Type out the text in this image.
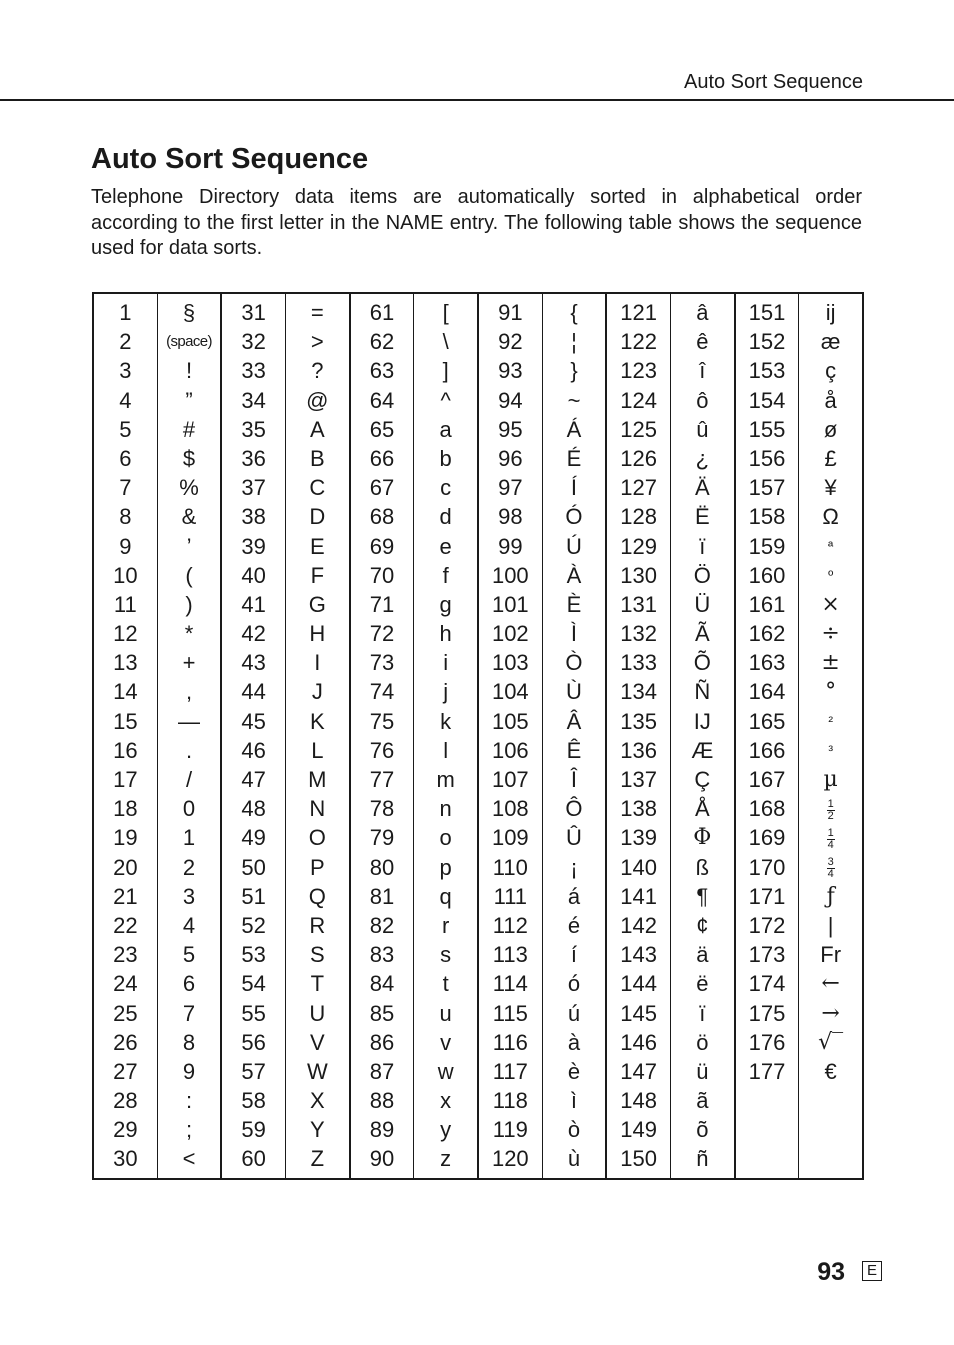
Auto Sort Sequence
Auto Sort Sequence

Telephone Directory data items are automatically sorted in alphabetical order according to the first letter in the NAME entry. The following table shows the sequence used for data sorts.

1
2
3
4
5
6
7
8
9
10
11
12
13
14
15
16
17
18
19
20
21
22
23
24
25
26
27
28
29
30
§
(space)
!
”
#
$
%
&
’
(
)
*
+
,
—
.
/
0
1
2
3
4
5
6
7
8
9
:
;
<
31
32
33
34
35
36
37
38
39
40
41
42
43
44
45
46
47
48
49
50
51
52
53
54
55
56
57
58
59
60
=
>
?
@
A
B
C
D
E
F
G
H
I
J
K
L
M
N
O
P
Q
R
S
T
U
V
W
X
Y
Z
61
62
63
64
65
66
67
68
69
70
71
72
73
74
75
76
77
78
79
80
81
82
83
84
85
86
87
88
89
90
[
\
]
^
a
b
c
d
e
f
g
h
i
j
k
l
m
n
o
p
q
r
s
t
u
v
w
x
y
z
91
92
93
94
95
96
97
98
99
100
101
102
103
104
105
106
107
108
109
110
111
112
113
114
115
116
117
118
119
120
{
¦
}
~
Á
É
Í
Ó
Ú
À
È
Ì
Ò
Ù
Â
Ê
Î
Ô
Û
¡
á
é
í
ó
ú
à
è
ì
ò
ù
121
122
123
124
125
126
127
128
129
130
131
132
133
134
135
136
137
138
139
140
141
142
143
144
145
146
147
148
149
150
â
ê
î
ô
û
¿
Ä
Ë
ï
Ö
Ü
Ã
Õ
Ñ
IJ
Æ
Ç
Å
Φ
ß
¶
¢
ä
ë
ï
ö
ü
ã
õ
ñ
151
152
153
154
155
156
157
158
159
160
161
162
163
164
165
166
167
168
169
170
171
172
173
174
175
176
177
ij
æ
ç
å
ø
£
¥
Ω
ª
º
×
÷
±
°
²
³
µ
$\frac{1}{2}$
$\frac{1}{4}$
$\frac{3}{4}$
ƒ
|
Fr
←
→
√‾
€
93	E
